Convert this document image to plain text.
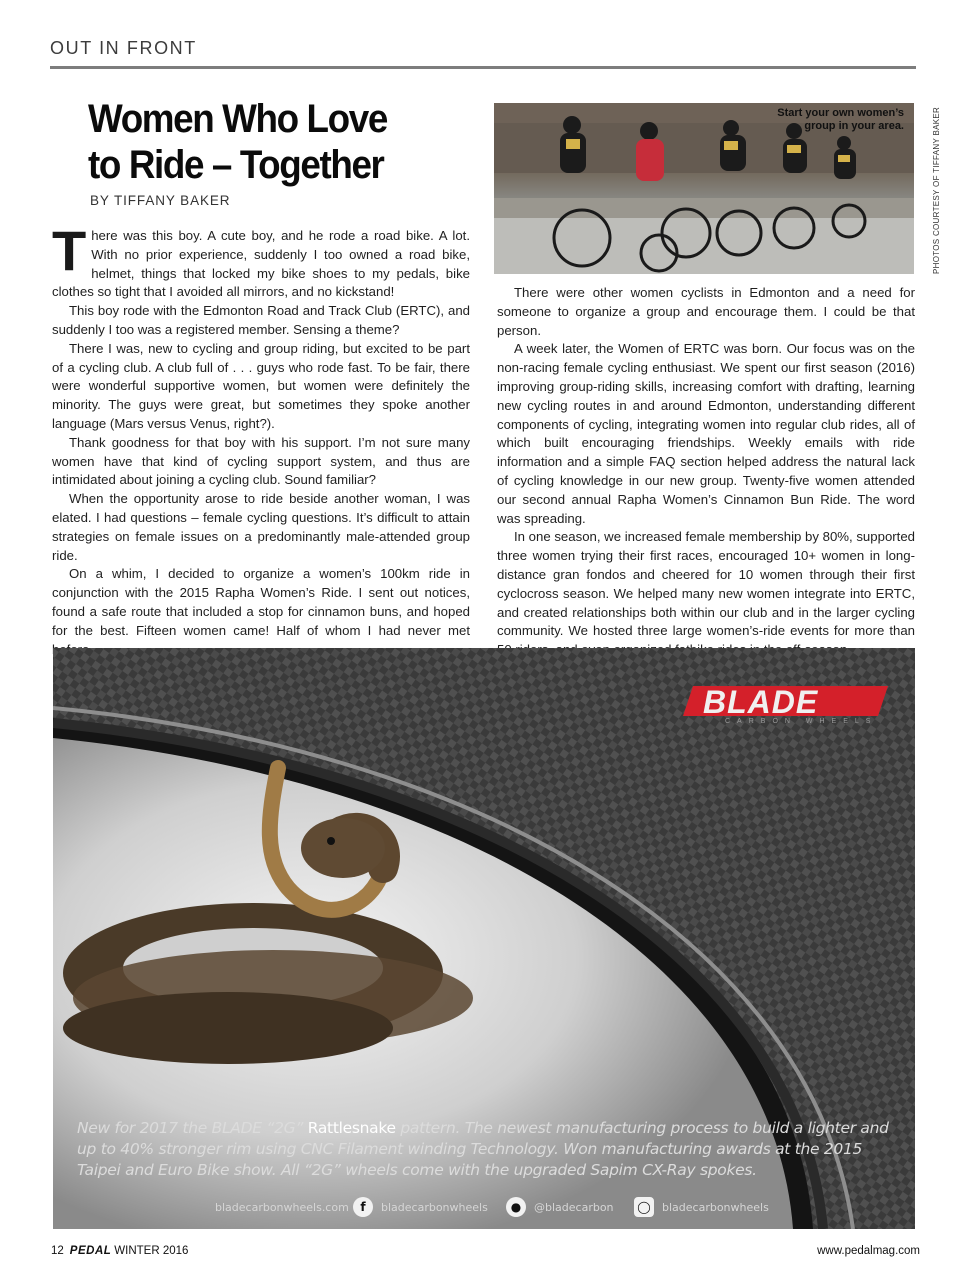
OUT IN FRONT
Women Who Love
to Ride – Together
BY TIFFANY BAKER

There was this boy. A cute boy, and he rode a road bike. A lot. With no prior experience, suddenly I too owned a road bike, helmet, things that locked my bike shoes to my pedals, bike clothes so tight that I avoided all mirrors, and no kickstand!

This boy rode with the Edmonton Road and Track Club (ERTC), and suddenly I too was a registered member. Sensing a theme?

There I was, new to cycling and group riding, but excited to be part of a cycling club. A club full of . . . guys who rode fast. To be fair, there were wonderful supportive women, but women were definitely the minority. The guys were great, but sometimes they spoke another language (Mars versus Venus, right?).

Thank goodness for that boy with his support. I’m not sure many women have that kind of cycling support system, and thus are intimidated about joining a cycling club. Sound familiar?

When the opportunity arose to ride beside another woman, I was elated. I had questions – female cycling questions. It’s difficult to attain strategies on female issues on a predominantly male-attended group ride.

On a whim, I decided to organize a women’s 100km ride in conjunction with the 2015 Rapha Women’s Ride. I sent out notices, found a safe route that included a stop for cinnamon buns, and hoped for the best. Fifteen women came! Half of whom I had never met

Start your own women’s group in your area.	PHOTOS COURTESY OF TIFFANY BAKER

There were other women cyclists in Edmonton and a need for someone to organize a group and encourage them. I could be that person.

A week later, the Women of ERTC was born. Our focus was on the non-racing female cycling enthusiast. We spent our first season (2016) improving group-riding skills, increasing comfort with drafting, learning new cycling routes in and around Edmonton, understanding different components of cycling, integrating women into regular club rides, all of which built encouraging friendships. Weekly emails with ride information and a simple FAQ section helped address the natural lack of cycling knowledge in our new group. Twenty-five women attended our second annual Rapha Women’s Cinnamon Bun Ride. The word was spreading.

In one season, we increased female membership by 80%, supported three women trying their first races, encouraged 10+ women in long-distance gran fondos and cheered for 10 women through their first cyclocross season. We helped many new women integrate into ERTC, and created relationships both within our club and in the larger cycling community. We hosted three large women’s-ride events for more than

BLADE
CARBON WHEELS
New for 2017 the BLADE “2G” Rattlesnake pattern. The newest manufacturing process to build a lighter and up to 40% stronger rim using CNC Filament winding Technology. Won manufacturing awards at the 2015 Taipei and Euro Bike show. All “2G” wheels come with the upgraded Sapim CX-Ray spokes.
bladecarbonwheels.com f	bladecarbonwheels	●	@bladecarbon ◯ bladecarbonwheels
12 PEDAL WINTER 2016	www.pedalmag.com
